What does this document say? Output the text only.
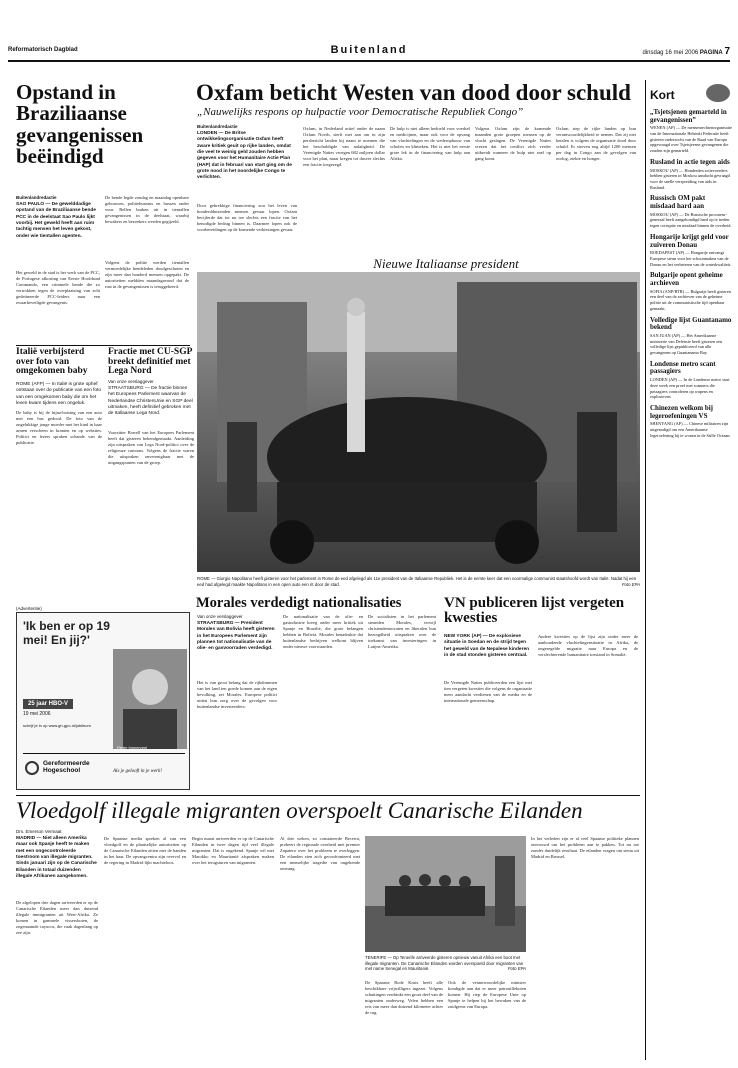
Reformatorisch Dagblad	Buitenland	dinsdag 16 mei 2006 PAGINA 7
Oxfam beticht Westen van dood door schuld
„Nauwelijks respons op hulpactie voor Democratische Republiek Congo”
Buitenlandredactie
LONDEN — De Britse ontwikkelingsorganisatie Oxfam heeft zware kritiek geuit op rijke landen, omdat die veel te weinig geld zouden hebben gegeven voor het Humanitaire Actie Plan (HAP) dat in februari van start ging om de grote nood in het noordelijke Congo te verlichten.
Door gebrekkige financiering zou het leven van honderdduizenden mensen gevaar lopen. Oxfam becijferde dat tot nu toe slechts een fractie van het benodigde bedrag binnen is. Daarmee lopen ook de voorbereidingen op de komende verkiezingen gevaar.
Oxfam, in Nederland actief onder de naam Oxfam Novib, sterft met aan om in zijn persbericht landen bij naam te noemen die het beschuldigde van nalatigheid. De Verenigde Naties vroegen 682 miljoen dollar voor het plan, maar kregen tot dusver slechts een fractie toegezegd.
De hulp is niet alleen bedoeld voor voedsel en medicijnen, maar ook voor de opvang van vluchtelingen en de wederopbouw van scholen en klinieken. Het is niet het eerste grote lek in de financiering van hulp aan Afrika.
Volgens Oxfam zijn de komende maanden grote groepen mensen op de vlucht geslagen. De Verenigde Naties vrezen dat het conflict zich verder uitbreidt wanneer de hulp niet snel op gang komt.
Oxfam riep de rijke landen op hun verantwoordelijkheid te nemen. Dat zij niet betalen is volgens de organisatie dood door schuld. Er sterven nog altijd 1200 mensen per dag in Congo aan de gevolgen van oorlog, ziekte en honger.
Opstand in Braziliaanse gevangenissen beëindigd
Buitenlandredactie
SAO PAULO — De gewelddadige opstand van de Braziliaanse bende PCC in de deelstaat Sao Paulo lijkt voorbij. Het geweld heeft aan ruim tachtig mensen het leven gekost, onder wie tientallen agenten.
Het geweld in de stad is het werk van de PCC, de Portugese afkorting van Eerste Hoofdstad Commando, een criminele bende die zo vertrokken tegen de overplaatsing van acht gedetineerde PCC-leiders naar een zwaarbeveiligde gevangenis.
De bende legde zondag en maandag openbare gebouwen, politiebureaus en bussen onder vuur. Rellen braken uit in tientallen gevangenissen in de deelstaat, waarbij bewakers en bezoekers werden gegijzeld.
Volgens de politie werden tientallen vermoedelijke bendeleden doodgeschoten en zijn meer dan honderd mensen opgepakt. De autoriteiten meldden maandagavond dat de rust in de gevangenissen is teruggekeerd.
Italië verbijsterd over foto van omgekomen baby
ROME (AFP) — In Italië is grote ophef ontstaan over de publicatie van een foto van een omgekomen baby die om het leven kwam tijdens een ongeluk.
De baby is bij de bijna-botsing van een auto met een bus gedood. De foto van de ongelukkige jonge moeder met het kind in haar armen verscheen in kranten en op websites. Politici en lezers spraken schande van de publicatie.
Fractie met CU-SGP breekt definitief met Lega Nord
Van onze verslaggever
STRAATSBURG — De fractie binnen het Europees Parlement waarvan de Nederlandse ChristenUnie en SGP deel uitmaken, heeft definitief gebroken met de Italiaanse Lega Nord.
Voorzitter Borrell van het Europees Parlement heeft dat gisteren bekendgemaakt. Aanleiding zijn uitspraken van Lega Nord-politici over de religieuze cartoons. Volgens de fractie waren die uitspraken onverenigbaar met de uitgangspunten van de groep.
Nieuwe Italiaanse president
ROME — Giorgio Napolitano heeft gisteren voor het parlement in Rome de eed afgelegd als 11e president van de Italiaanse Republiek. Het is de eerste keer dat een voormalige communist staatshoofd wordt van Italië. Nadat hij een eed had afgelegd maakte Napolitano in een open auto een rit door de stad.	Foto EPA
(Advertentie)
'Ik ben er op 19 mei! En jij?'
25 jaar HBO-V
19 mei 2006
schrijf je in op www.gh-gpo.nl/jubileum
Pieter Immerzeel
Gereformeerde
Hogeschool	Als je gelooft in je werk!
Morales verdedigt nationalisaties
Van onze verslaggever
STRAATSBURG — President Morales van Bolivia heeft gisteren in het Europees Parlement zijn plannen tot nationalisatie van de olie- en gasvoorraden verdedigd.
Het is van groot belang dat de rijkdommen van het land ten goede komen aan de eigen bevolking, zei Morales. Europese politici uitten hun zorg over de gevolgen voor buitenlandse investeerders.
De nationalisatie van de olie- en gasindustrie kreeg onder meer kritiek uit Spanje en Brazilië, die grote belangen hebben in Bolivia. Morales benadrukte dat buitenlandse bedrijven welkom blijven onder nieuwe voorwaarden.
De socialisten in het parlement steunden Morales, terwijl christendemocraten en liberalen hun bezorgdheid uitspraken over de toekomst van investeringen in Latijns-Amerika.
VN publiceren lijst vergeten kwesties
NEW YORK (AP) — De explosieve situatie in Soedan en de strijd tegen het geweld van de Nepalese kinderen in de stad stonden gisteren centraal.
De Verenigde Naties publiceerden een lijst met tien vergeten kwesties die volgens de organisatie meer aandacht verdienen van de media en de internationale gemeenschap.
Andere kwesties op de lijst zijn onder meer de aanhoudende vluchtelingensituatie in Afrika, de ongeregelde migratie naar Europa en de verslechterende humanitaire toestand in Somalië.
Vloedgolf illegale migranten overspoelt Canarische Eilanden
Drs. Emerson Vermaat
MADRID — Niet alleen Amerika maar ook Spanje heeft te maken met een ongecontroleerde toestroom van illegale migranten. Sinds januari zijn op de Canarische Eilanden in totaal duizenden illegale Afrikanen aangekomen.
De afgelopen drie dagen arriveerden er op de Canarische Eilanden meer dan duizend illegale immigranten uit West-Afrika. Ze komen in gammele vissersboten, de zogenaamde cayucos, die vaak dagenlang op zee zijn.
De Spaanse media spreken al van een vloedgolf en de plaatselijke autoriteiten op de Canarische Eilanden zitten met de handen in het haar. De opvangcentra zijn overvol en de regering in Madrid lijkt machteloos.
Begin maart arriveerden er op de Canarische Eilanden in twee dagen tijd veel illegale migranten. Dat is ongekend. Spanje wil met Marokko en Mauritanië afspraken maken over het terugsturen van migranten.
Al drie weken, zo constateerde Becerra, probeert de regionale overheid met premier Zapatero over het probleem te overleggen. De eilanden zien zich geconfronteerd met een menselijke tragedie van ongekende omvang.
TENERIFE — Op Tenerife arriveerde gisteren opnieuw vanuit Afrika een boot met illegale migranten. De Canarische Eilanden worden overspoeld door migranten van met name Senegal en Mauritanië.	Foto EPA
De Spaanse Rode Kruis heeft alle beschikbare vrijwilligers ingezet. Volgens schattingen verdrinkt een groot deel van de migranten onderweg. Velen hebben een reis van meer dan duizend kilometer achter de rug.
Ook de verantwoordelijke minister kondigde aan dat er meer patrouilleboten komen. Hij riep de Europese Unie op Spanje te helpen bij het bewaken van de zuidgrens van Europa.
In het verleden zijn er al veel Spaanse politieke plannen ontvouwd om het probleem aan te pakken. Tot nu toe zonder duidelijk resultaat. De eilanden vragen om steun uit Madrid en Brussel.
Kort
„Tsjetsjenen gemarteld in gevangenissen”

WENEN (AP) — De mensenrechtenorganisatie van de Internationale Helsinki Federatie heeft gisteren onderzocht van de Raad van Europa opgevraagd over Tsjetsjeense gevangenen die zouden zijn gemarteld.

Rusland in actie tegen aids

MOSKOU (AP) — Honderden actievoerders hebben gisteren in Moskou aandacht gevraagd voor de snelle verspreiding van aids in Rusland.

Russisch OM pakt misdaad hard aan

MOSKOU (AP) — De Russische procureur-generaal heeft aangekondigd hard op te treden tegen corruptie en misdaad binnen de overheid.

Hongarije krijgt geld voor zuiveren Donau

BOEDAPEST (AP) — Hongarije ontvangt Europese steun voor het schoonmaken van de Donau en het verbeteren van de waterkwaliteit.

Bulgarije opent geheime archieven

SOFIA (ANP/RTR) — Bulgarije heeft gisteren een deel van de archieven van de geheime politie uit de communistische tijd openbaar gemaakt.

Volledige lijst Guantanamo bekend

SAN JUAN (AP) — Het Amerikaanse ministerie van Defensie heeft gisteren een volledige lijst gepubliceerd van alle gevangenen op Guantanamo Bay.

Londense metro scant passagiers

LONDEN (AP) — In de Londense metro start deze week een proef met scanners die passagiers controleren op wapens en explosieven.

Chinezen welkom bij legeroefeningen VS

SHENYANG (AP) — Chinese militairen zijn uitgenodigd om een Amerikaanse legeroefening bij te wonen in de Stille Oceaan.
